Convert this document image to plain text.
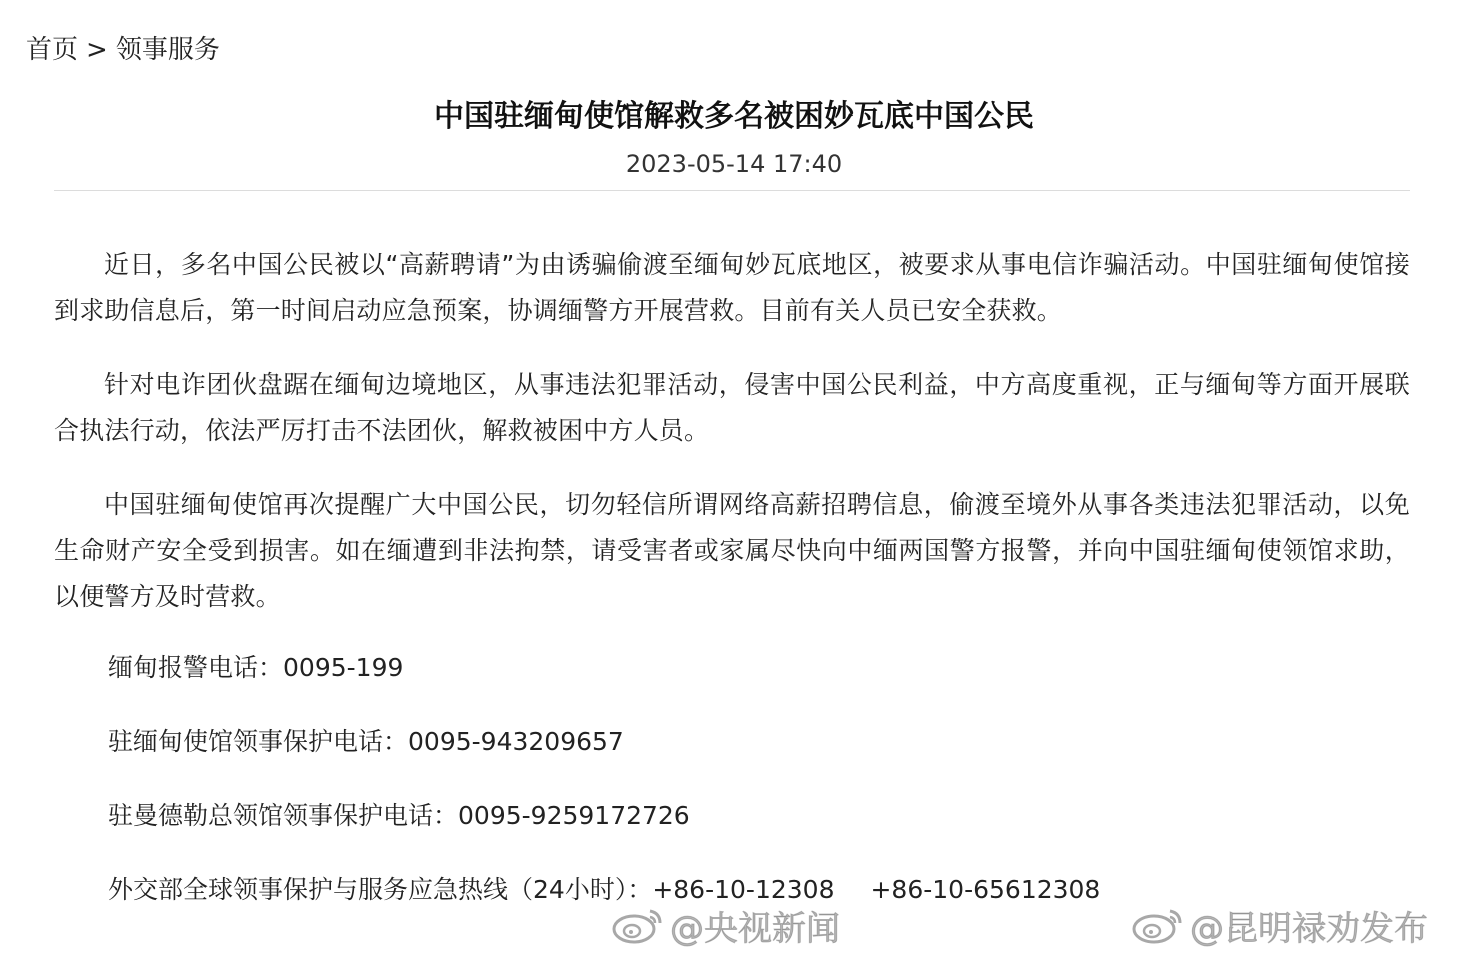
首页 > 领事服务
中国驻缅甸使馆解救多名被困妙瓦底中国公民
2023-05-14 17:40

近日，多名中国公民被以“高薪聘请”为由诱骗偷渡至缅甸妙瓦底地区，被要求从事电信诈骗活动。中国驻缅甸使馆接到求助信息后，第一时间启动应急预案，协调缅警方开展营救。目前有关人员已安全获救。

针对电诈团伙盘踞在缅甸边境地区，从事违法犯罪活动，侵害中国公民利益，中方高度重视，正与缅甸等方面开展联合执法行动，依法严厉打击不法团伙，解救被困中方人员。

中国驻缅甸使馆再次提醒广大中国公民，切勿轻信所谓网络高薪招聘信息，偷渡至境外从事各类违法犯罪活动，以免生命财产安全受到损害。如在缅遭到非法拘禁，请受害者或家属尽快向中缅两国警方报警，并向中国驻缅甸使领馆求助，以便警方及时营救。

缅甸报警电话：0095-199

驻缅甸使馆领事保护电话：0095-943209657

驻曼德勒总领馆领事保护电话：0095-9259172726

外交部全球领事保护与服务应急热线（24小时）：+86-10-12308 +86-10-65612308

@央视新闻	@昆明禄劝发布
